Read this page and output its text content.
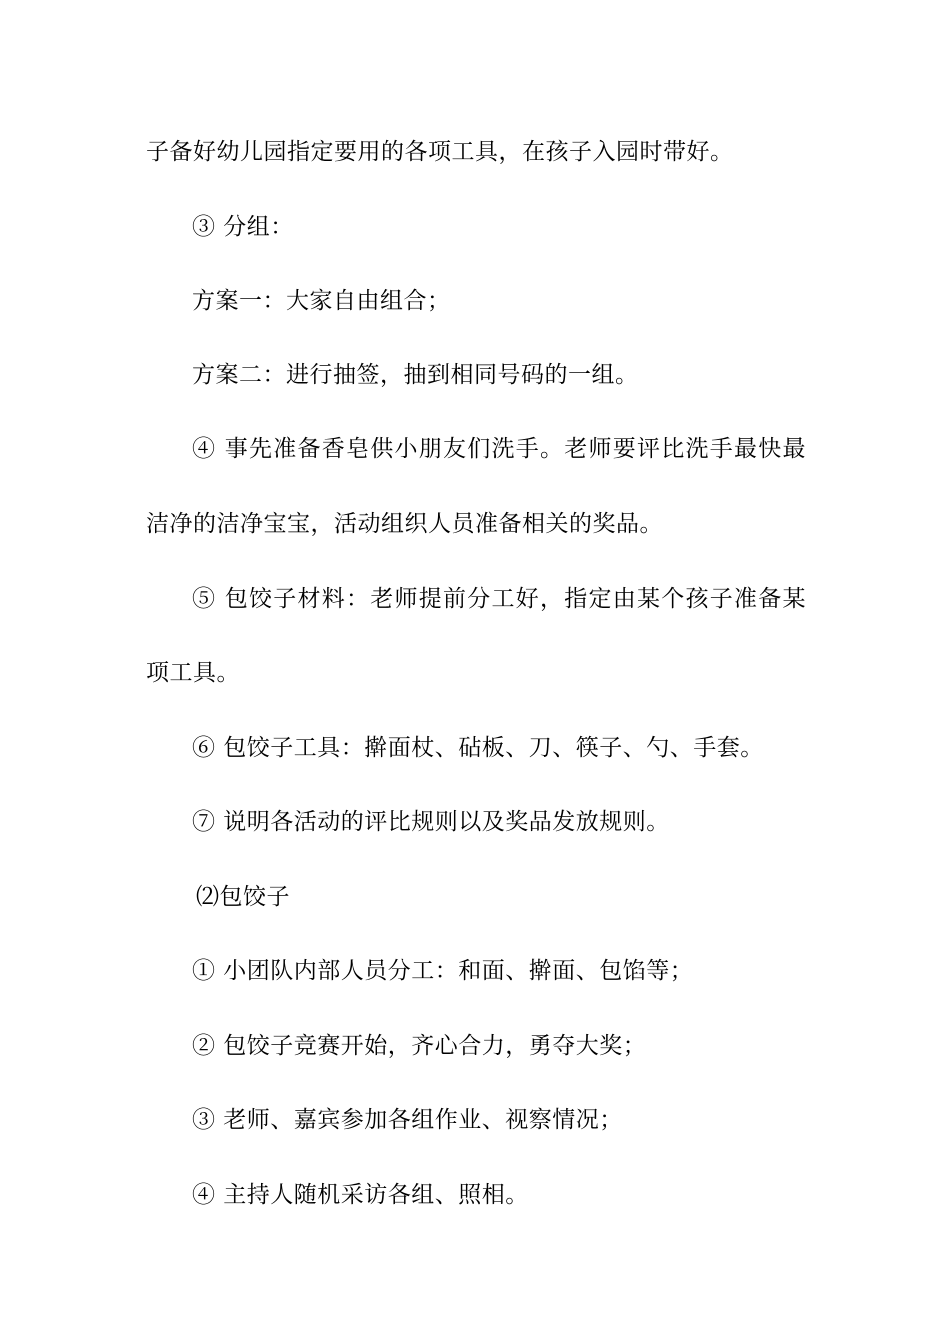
子备好幼儿园指定要用的各项工具，在孩子入园时带好。
③ 分组：
方案一：大家自由组合；
方案二：进行抽签，抽到相同号码的一组。
④ 事先准备香皂供小朋友们洗手。老师要评比洗手最快最
洁净的洁净宝宝，活动组织人员准备相关的奖品。
⑤ 包饺子材料：老师提前分工好，指定由某个孩子准备某
项工具。
⑥ 包饺子工具：擀面杖、砧板、刀、筷子、勺、手套。
⑦ 说明各活动的评比规则以及奖品发放规则。
⑵包饺子
① 小团队内部人员分工：和面、擀面、包馅等；
② 包饺子竞赛开始，齐心合力，勇夺大奖；
③ 老师、嘉宾参加各组作业、视察情况；
④ 主持人随机采访各组、照相。
